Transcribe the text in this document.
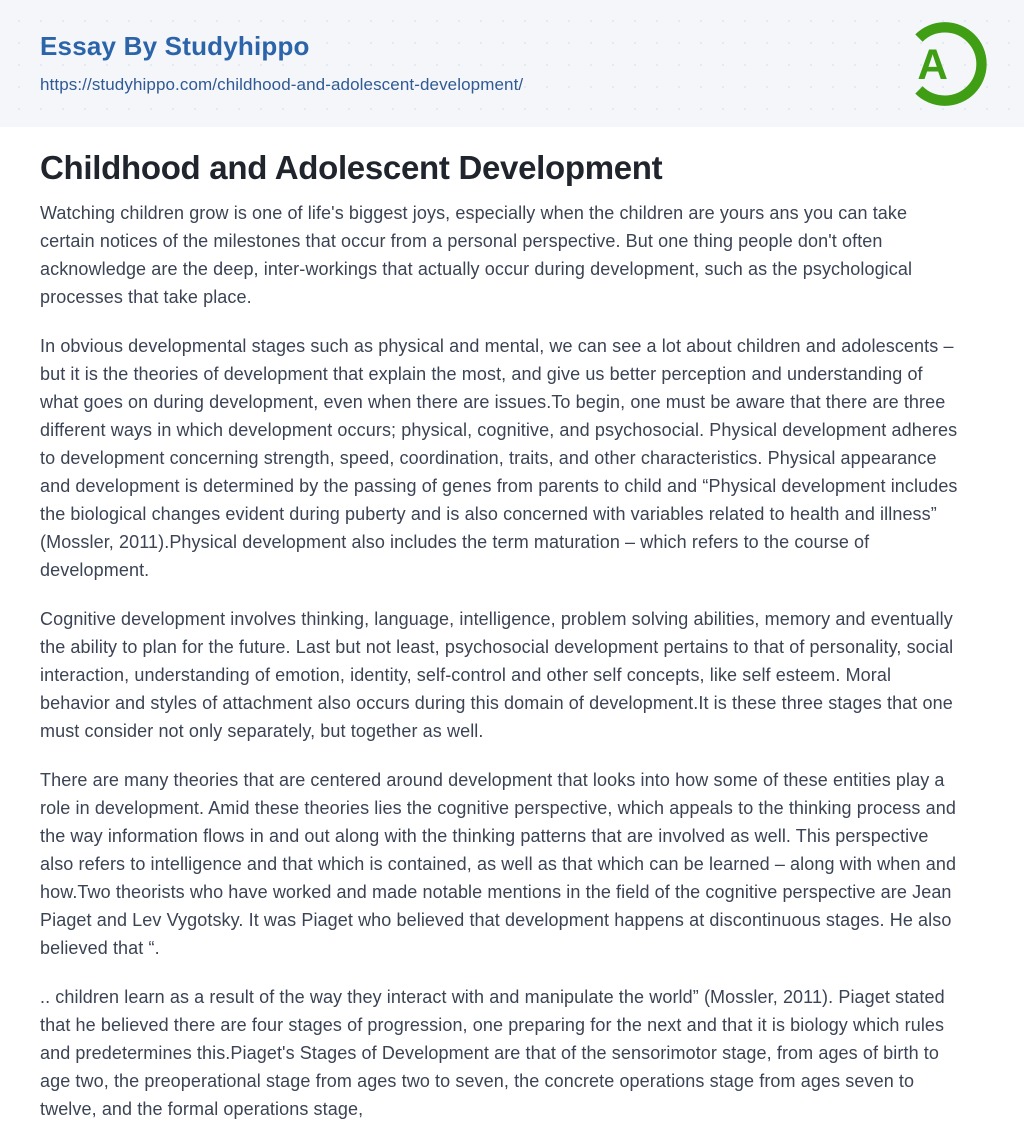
Essay By Studyhippo
https://studyhippo.com/childhood-and-adolescent-development/	A
Childhood and Adolescent Development

Watching children grow is one of life's biggest joys, especially when the children are yours ans you can take certain notices of the milestones that occur from a personal perspective. But one thing people don't often acknowledge are the deep, inter-workings that actually occur during development, such as the psychological processes that take place.

In obvious developmental stages such as physical and mental, we can see a lot about children and adolescents – but it is the theories of development that explain the most, and give us better perception and understanding of what goes on during development, even when there are issues.To begin, one must be aware that there are three different ways in which development occurs; physical, cognitive, and psychosocial. Physical development adheres to development concerning strength, speed, coordination, traits, and other characteristics. Physical appearance and development is determined by the passing of genes from parents to child and “Physical development includes the biological changes evident during puberty and is also concerned with variables related to health and illness” (Mossler, 2011).Physical development also includes the term maturation – which refers to the course of development.

Cognitive development involves thinking, language, intelligence, problem solving abilities, memory and eventually the ability to plan for the future. Last but not least, psychosocial development pertains to that of personality, social interaction, understanding of emotion, identity, self-control and other self concepts, like self esteem. Moral behavior and styles of attachment also occurs during this domain of development.It is these three stages that one must consider not only separately, but together as well.

There are many theories that are centered around development that looks into how some of these entities play a role in development. Amid these theories lies the cognitive perspective, which appeals to the thinking process and the way information flows in and out along with the thinking patterns that are involved as well. This perspective also refers to intelligence and that which is contained, as well as that which can be learned – along with when and how.Two theorists who have worked and made notable mentions in the field of the cognitive perspective are Jean Piaget and Lev Vygotsky. It was Piaget who believed that development happens at discontinuous stages. He also believed that “.

.. children learn as a result of the way they interact with and manipulate the world” (Mossler, 2011). Piaget stated that he believed there are four stages of progression, one preparing for the next and that it is biology which rules and predetermines this.Piaget's Stages of Development are that of the sensorimotor stage, from ages of birth to age two, the preoperational stage from ages two to seven, the concrete operations stage from ages seven to twelve, and the formal operations stage,
